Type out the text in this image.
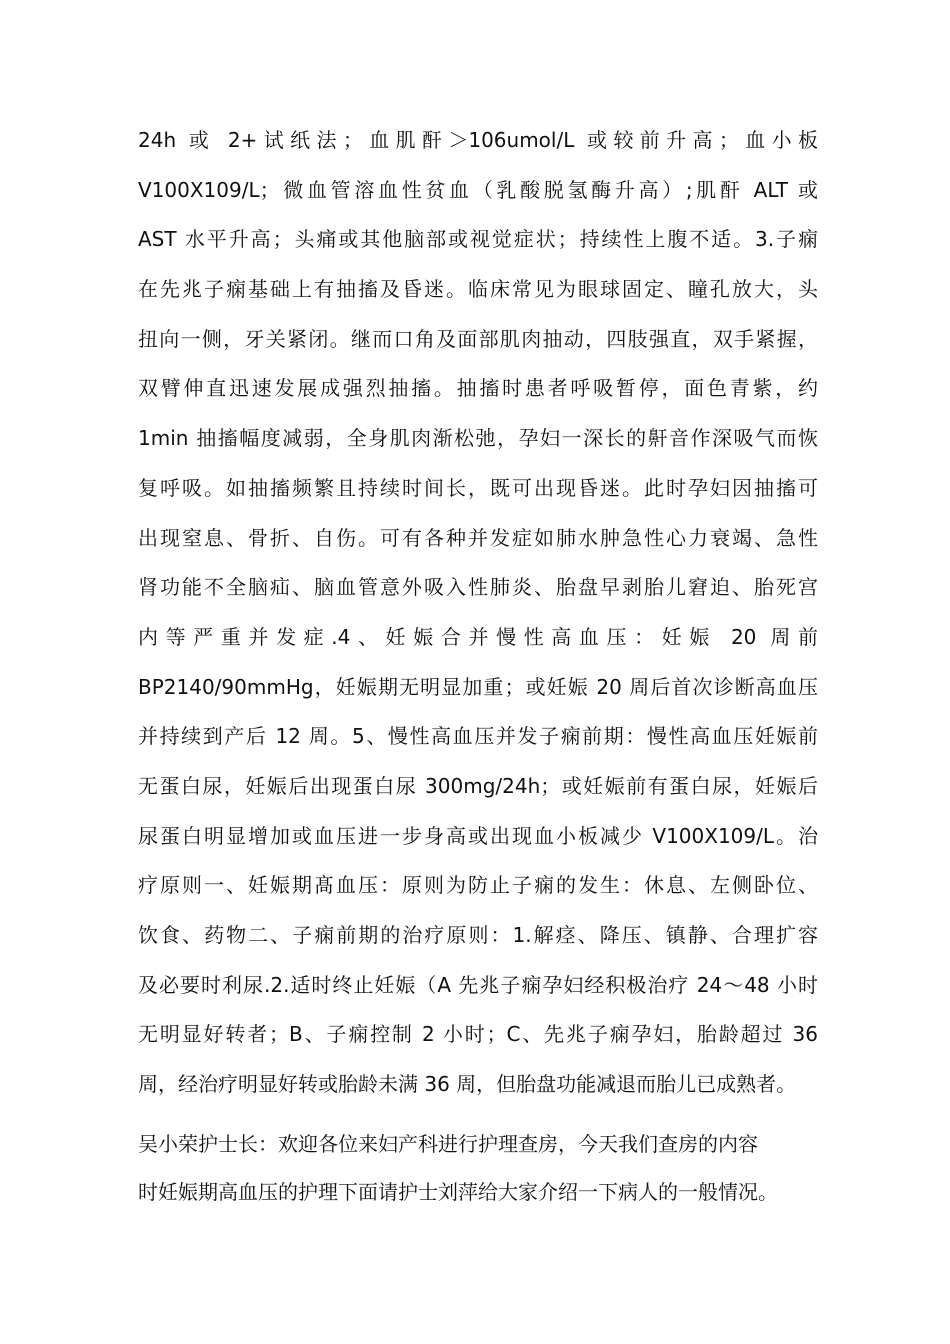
24h 或 2+试纸法；血肌酐＞106umol/L 或较前升高；血小板
V100X109/L；微血管溶血性贫血（乳酸脱氢酶升高）;肌酐 ALT 或
AST 水平升高；头痛或其他脑部或视觉症状；持续性上腹不适。3.子痫
在先兆子痫基础上有抽搐及昏迷。临床常见为眼球固定、瞳孔放大，头
扭向一侧，牙关紧闭。继而口角及面部肌肉抽动，四肢强直，双手紧握，
双臂伸直迅速发展成强烈抽搐。抽搐时患者呼吸暂停，面色青紫，约
1min 抽搐幅度减弱，全身肌肉渐松弛，孕妇一深长的鼾音作深吸气而恢
复呼吸。如抽搐频繁且持续时间长，既可出现昏迷。此时孕妇因抽搐可
出现窒息、骨折、自伤。可有各种并发症如肺水肿急性心力衰竭、急性
肾功能不全脑疝、脑血管意外吸入性肺炎、胎盘早剥胎儿窘迫、胎死宫
内等严重并发症.4、妊娠合并慢性高血压：妊娠 20 周前
BP2140/90mmHg，妊娠期无明显加重；或妊娠 20 周后首次诊断高血压
并持续到产后 12 周。5、慢性高血压并发子痫前期：慢性高血压妊娠前
无蛋白尿，妊娠后出现蛋白尿 300mg/24h；或妊娠前有蛋白尿，妊娠后
尿蛋白明显增加或血压进一步身高或出现血小板减少 V100X109/L。治
疗原则一、妊娠期髙血压：原则为防止子痫的发生：休息、左侧卧位、
饮食、药物二、子痫前期的治疗原则：1.解痉、降压、镇静、合理扩容
及必要时利尿.2.适时终止妊娠（A 先兆子痫孕妇经积极治疗 24〜48 小时
无明显好转者；B、子痫控制 2 小时；C、先兆子痫孕妇，胎龄超过 36
周，经治疗明显好转或胎龄未满 36 周，但胎盘功能减退而胎儿已成熟者。
吴小荣护士长：欢迎各位来妇产科进行护理查房，今天我们查房的内容
时妊娠期高血压的护理下面请护士刘萍给大家介绍一下病人的一般情况。
